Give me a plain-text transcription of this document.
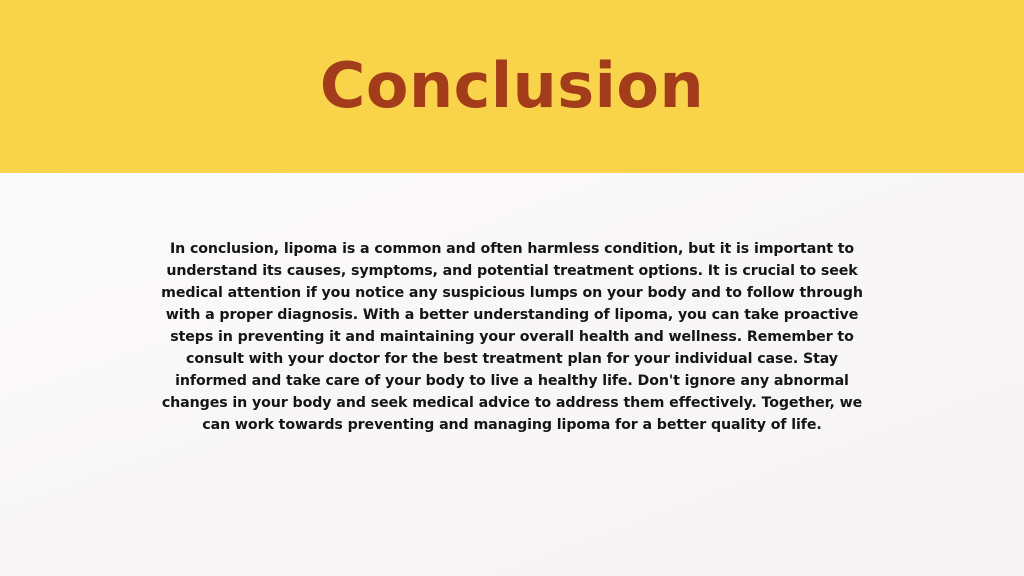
Conclusion

In conclusion, lipoma is a common and often harmless condition, but it is important to understand its causes, symptoms, and potential treatment options. It is crucial to seek medical attention if you notice any suspicious lumps on your body and to follow through with a proper diagnosis. With a better understanding of lipoma, you can take proactive steps in preventing it and maintaining your overall health and wellness. Remember to consult with your doctor for the best treatment plan for your individual case. Stay informed and take care of your body to live a healthy life. Don't ignore any abnormal changes in your body and seek medical advice to address them effectively. Together, we can work towards preventing and managing lipoma for a better quality of life.
